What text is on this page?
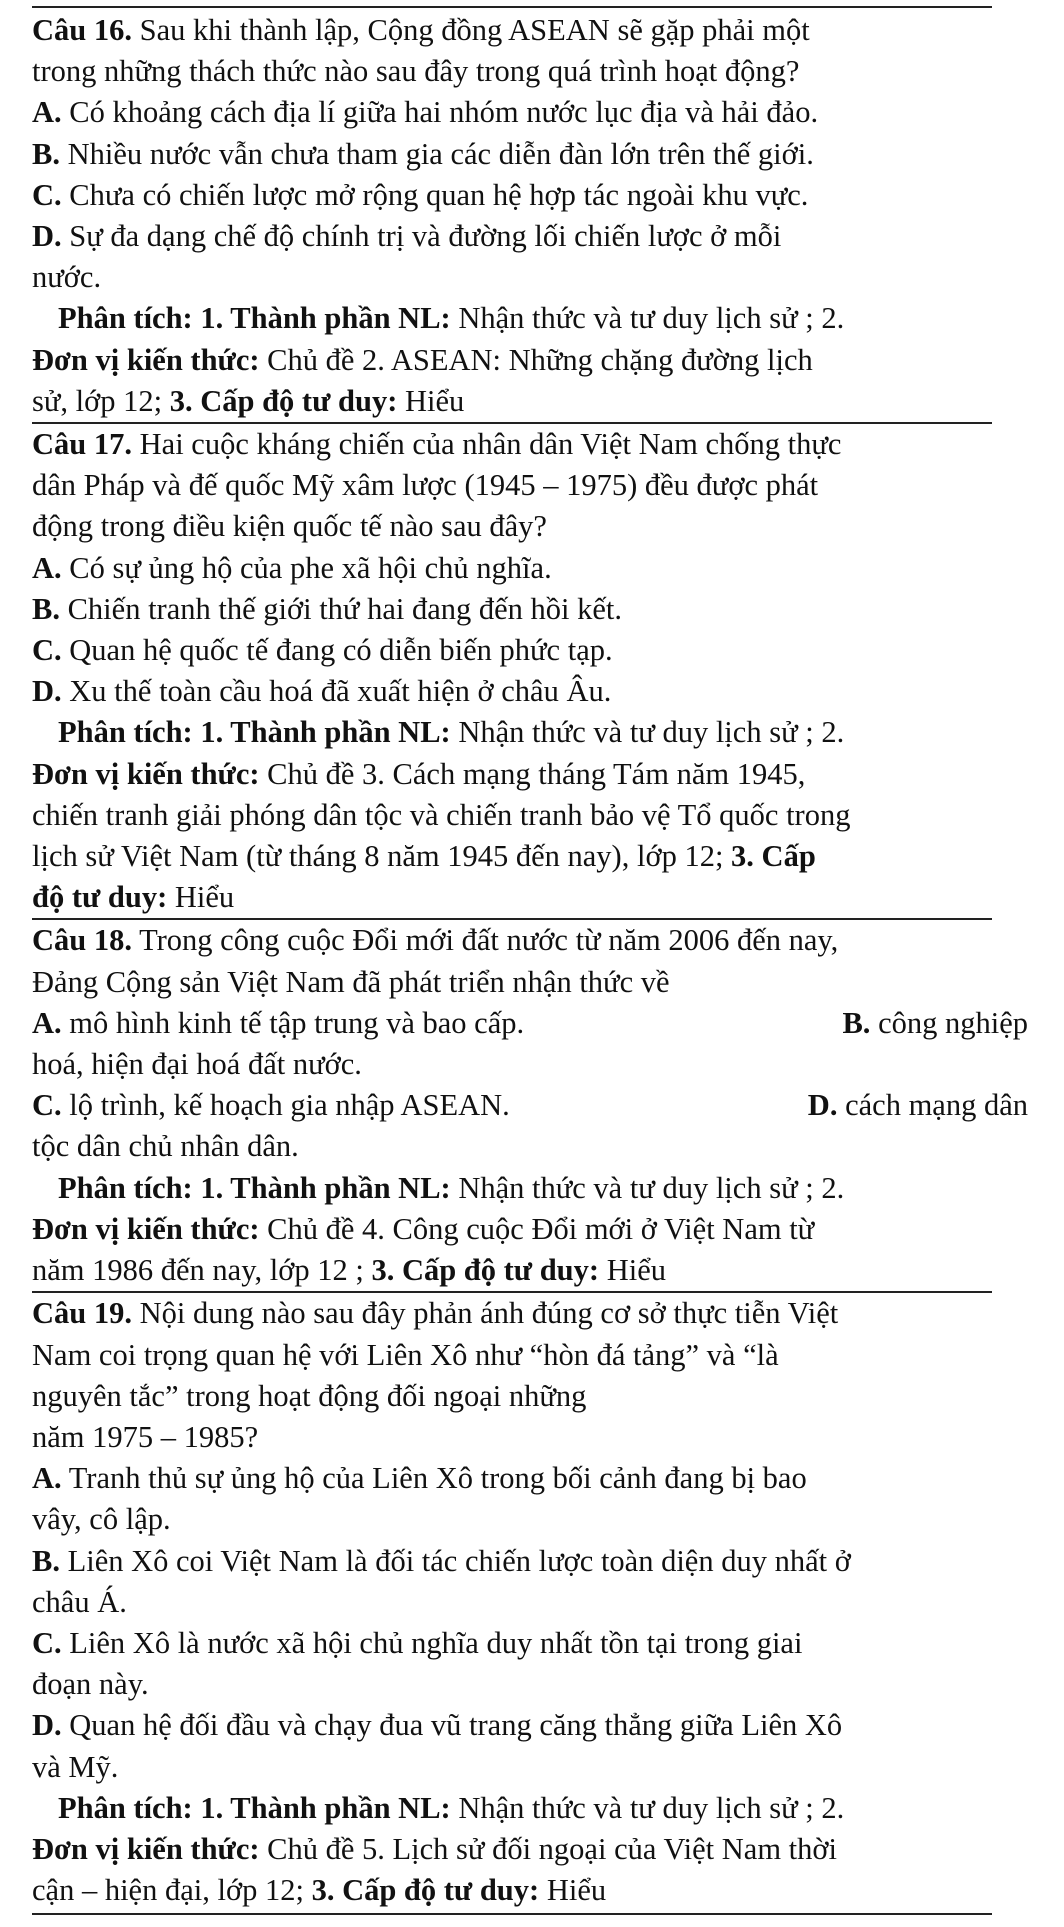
Câu 16. Sau khi thành lập, Cộng đồng ASEAN sẽ gặp phải một
trong những thách thức nào sau đây trong quá trình hoạt động?
A. Có khoảng cách địa lí giữa hai nhóm nước lục địa và hải đảo.
B. Nhiều nước vẫn chưa tham gia các diễn đàn lớn trên thế giới.
C. Chưa có chiến lược mở rộng quan hệ hợp tác ngoài khu vực.
D. Sự đa dạng chế độ chính trị và đường lối chiến lược ở mỗi
nước.
Phân tích: 1. Thành phần NL: Nhận thức và tư duy lịch sử ; 2.
Đơn vị kiến thức: Chủ đề 2. ASEAN: Những chặng đường lịch
sử, lớp 12; 3. Cấp độ tư duy: Hiểu
Câu 17. Hai cuộc kháng chiến của nhân dân Việt Nam chống thực
dân Pháp và đế quốc Mỹ xâm lược (1945 – 1975) đều được phát
động trong điều kiện quốc tế nào sau đây?
A. Có sự ủng hộ của phe xã hội chủ nghĩa.
B. Chiến tranh thế giới thứ hai đang đến hồi kết.
C. Quan hệ quốc tế đang có diễn biến phức tạp.
D. Xu thế toàn cầu hoá đã xuất hiện ở châu Âu.
Phân tích: 1. Thành phần NL: Nhận thức và tư duy lịch sử ; 2.
Đơn vị kiến thức: Chủ đề 3. Cách mạng tháng Tám năm 1945,
chiến tranh giải phóng dân tộc và chiến tranh bảo vệ Tổ quốc trong
lịch sử Việt Nam (từ tháng 8 năm 1945 đến nay), lớp 12; 3. Cấp
độ tư duy: Hiểu
Câu 18. Trong công cuộc Đổi mới đất nước từ năm 2006 đến nay,
Đảng Cộng sản Việt Nam đã phát triển nhận thức về
A. mô hình kinh tế tập trung và bao cấp.	B. công nghiệp
hoá, hiện đại hoá đất nước.
C. lộ trình, kế hoạch gia nhập ASEAN.	D. cách mạng dân
tộc dân chủ nhân dân.
Phân tích: 1. Thành phần NL: Nhận thức và tư duy lịch sử ; 2.
Đơn vị kiến thức: Chủ đề 4. Công cuộc Đổi mới ở Việt Nam từ
năm 1986 đến nay, lớp 12 ; 3. Cấp độ tư duy: Hiểu
Câu 19. Nội dung nào sau đây phản ánh đúng cơ sở thực tiễn Việt
Nam coi trọng quan hệ với Liên Xô như “hòn đá tảng” và “là
nguyên tắc” trong hoạt động đối ngoại những
năm 1975 – 1985?
A. Tranh thủ sự ủng hộ của Liên Xô trong bối cảnh đang bị bao
vây, cô lập.
B. Liên Xô coi Việt Nam là đối tác chiến lược toàn diện duy nhất ở
châu Á.
C. Liên Xô là nước xã hội chủ nghĩa duy nhất tồn tại trong giai
đoạn này.
D. Quan hệ đối đầu và chạy đua vũ trang căng thẳng giữa Liên Xô
và Mỹ.
Phân tích: 1. Thành phần NL: Nhận thức và tư duy lịch sử ; 2.
Đơn vị kiến thức: Chủ đề 5. Lịch sử đối ngoại của Việt Nam thời
cận – hiện đại, lớp 12; 3. Cấp độ tư duy: Hiểu
